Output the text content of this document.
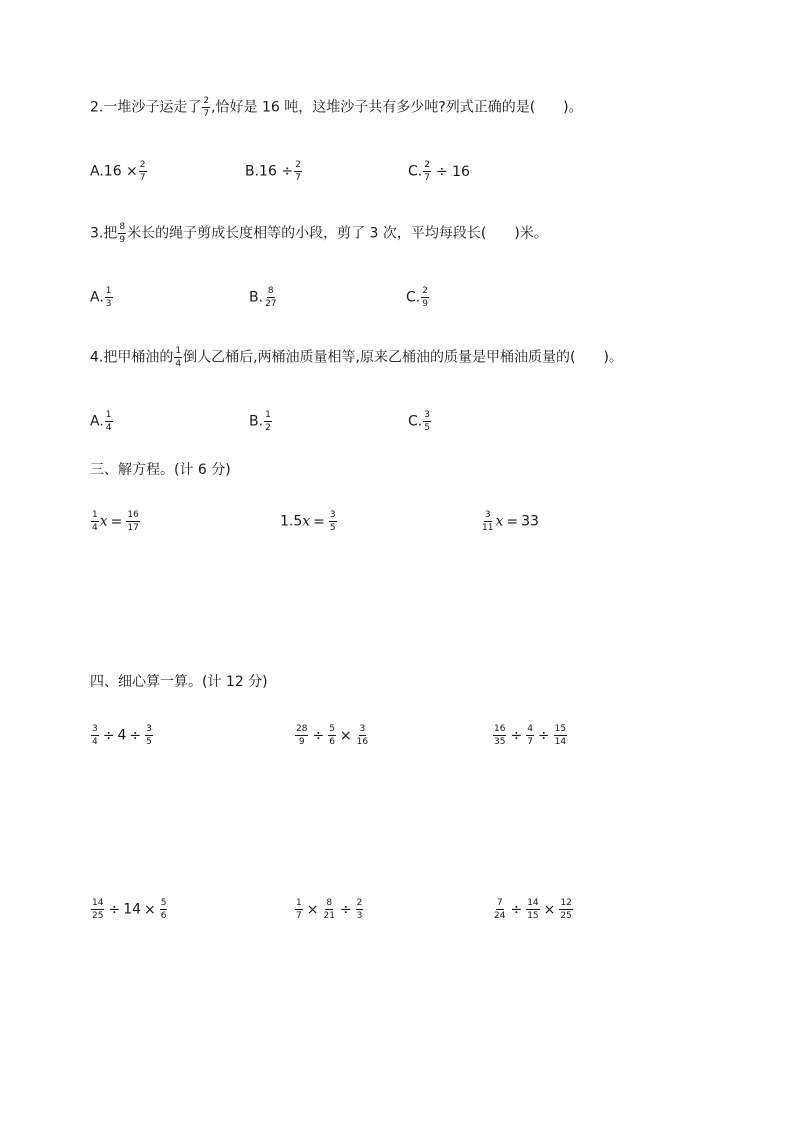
2.一堆沙子运走了 $\frac{2}{7}$ ,恰好是 16 吨，这堆沙子共有多少吨?列式正确的是( )。
$A.16 \times \frac{2}{7}$	$B.16 \div \frac{2}{7}$	C. $\frac{2}{7} \div 16$
3.把 $\frac{8}{9}$ 米长的绳子剪成长度相等的小段，剪了 3 次，平均每段长( )米。
A. $\frac{1}{3}$	B. $\frac{8}{27}$	C. $\frac{2}{9}$
4.把甲桶油的 $\frac{1}{4}$ 倒人乙桶后,两桶油质量相等,原来乙桶油的质量是甲桶油质量的( )。
A. $\frac{1}{4}$	B. $\frac{1}{2}$	C. $\frac{3}{5}$
三、解方程。(计 6 分)
$\frac{1}{4}$ $x = \frac{16}{17}$	$1.5x = \frac{3}{5}$	$\frac{3}{11}$ x = 33
四、细心算一算。(计 12 分)
$\frac{3}{4} \div 4 \div \frac{3}{5}$	$\frac{28}{9} \div \frac{5}{6} \times \frac{3}{16}$	$\frac{16}{35} \div \frac{4}{7} \div \frac{15}{14}$
$\frac{14}{25} \div 14 \times \frac{5}{6}$	$\frac{1}{7} \times \frac{8}{21} \div \frac{2}{3}$	$\frac{7}{24} \div \frac{14}{15} \times \frac{12}{25}$
